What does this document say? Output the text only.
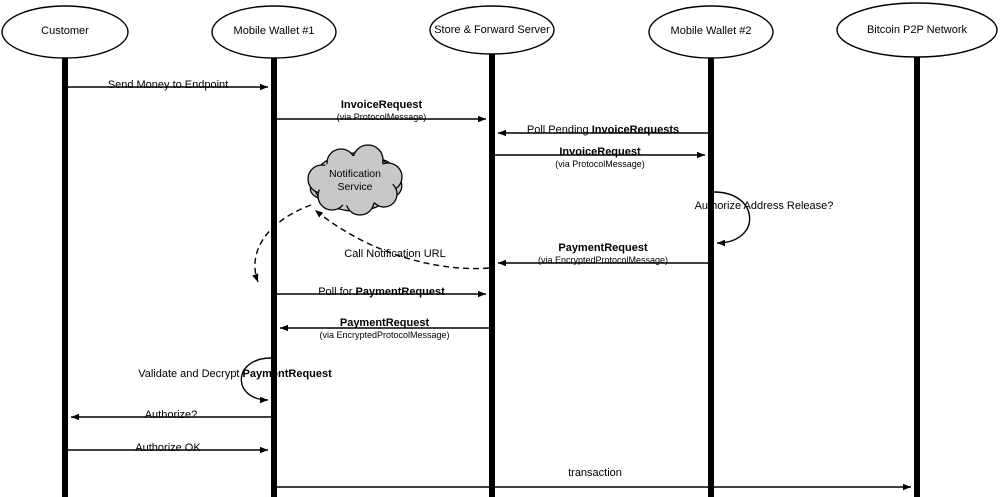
Customer	Mobile Wallet #1	Store & Forward Server	Mobile Wallet #2	Bitcoin P2P Network
Notification
Service
Send Money to Endpoint
InvoiceRequest
(via ProtocolMessage)
Poll Pending InvoiceRequests
InvoiceRequest
(via ProtocolMessage)
Authorize Address Release?
PaymentRequest
(via EncryptedProtocolMessage)
Call Notification URL
Poll for PaymentRequest
PaymentRequest
(via EncryptedProtocolMessage)
Validate and Decrypt PaymentRequest
Authorize?
Authorize OK
transaction
